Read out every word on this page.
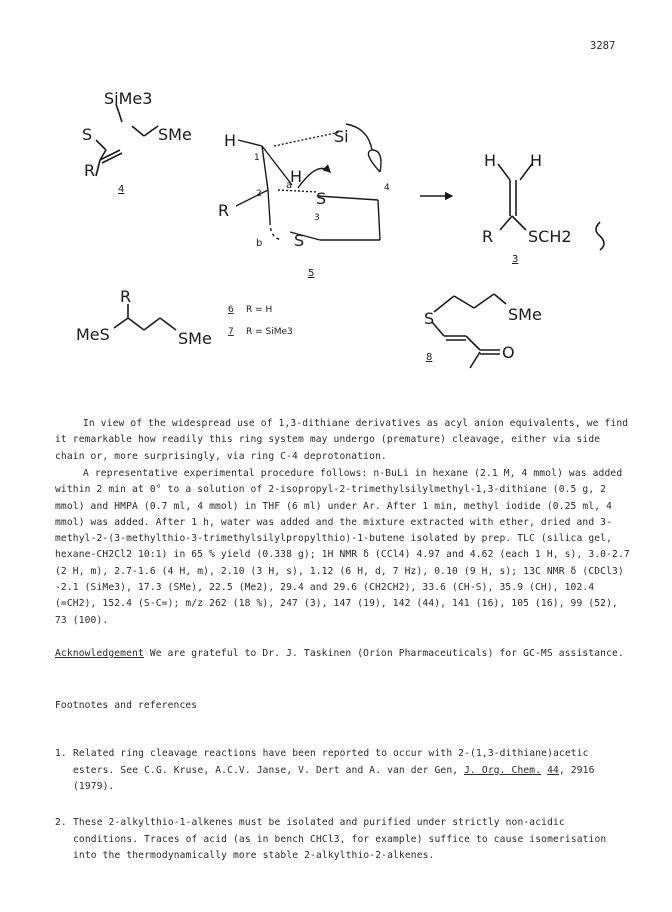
3287
SiMe3
S	SMe
R
4
H	Si
H
S
R
S
a
b
1
2
3
4
5
H H
R SCH2
3
R
MeS	SMe
6 R = H
7 R = SiMe3
S	SMe
O
8
In view of the widespread use of 1,3-dithiane derivatives as acyl anion equivalents, we find it remarkable how readily this ring system may undergo (premature) cleavage, either via side chain or, more surprisingly, via ring C-4 deprotonation.
A representative experimental procedure follows: n-BuLi in hexane (2.1 M, 4 mmol) was added within 2 min at 0° to a solution of 2-isopropyl-2-trimethylsilylmethyl-1,3-dithiane (0.5 g, 2 mmol) and HMPA (0.7 ml, 4 mmol) in THF (6 ml) under Ar. After 1 min, methyl iodide (0.25 ml, 4 mmol) was added. After 1 h, water was added and the mixture extracted with ether, dried and 3-methyl-2-(3-methylthio-3-trimethylsilylpropylthio)-1-butene isolated by prep. TLC (silica gel, hexane-CH2Cl2 10:1) in 65 % yield (0.338 g); 1H NMR δ (CCl4) 4.97 and 4.62 (each 1 H, s), 3.0-2.7 (2 H, m), 2.7-1.6 (4 H, m), 2.10 (3 H, s), 1.12 (6 H, d, 7 Hz), 0.10 (9 H, s); 13C NMR δ (CDCl3) -2.1 (SiMe3), 17.3 (SMe), 22.5 (Me2), 29.4 and 29.6 (CH2CH2), 33.6 (CH-S), 35.9 (CH), 102.4 (=CH2), 152.4 (S-C=); m/z 262 (18 %), 247 (3), 147 (19), 142 (44), 141 (16), 105 (16), 99 (52), 73 (100).
Acknowledgement We are grateful to Dr. J. Taskinen (Orion Pharmaceuticals) for GC-MS assistance.
Footnotes and references

1. Related ring cleavage reactions have been reported to occur with 2-(1,3-dithiane)acetic esters. See C.G. Kruse, A.C.V. Janse, V. Dert and A. van der Gen, J. Org. Chem. 44, 2916 (1979).

2. These 2-alkylthio-1-alkenes must be isolated and purified under strictly non-acidic conditions. Traces of acid (as in bench CHCl3, for example) suffice to cause isomerisation into the thermodynamically more stable 2-alkylthio-2-alkenes.
